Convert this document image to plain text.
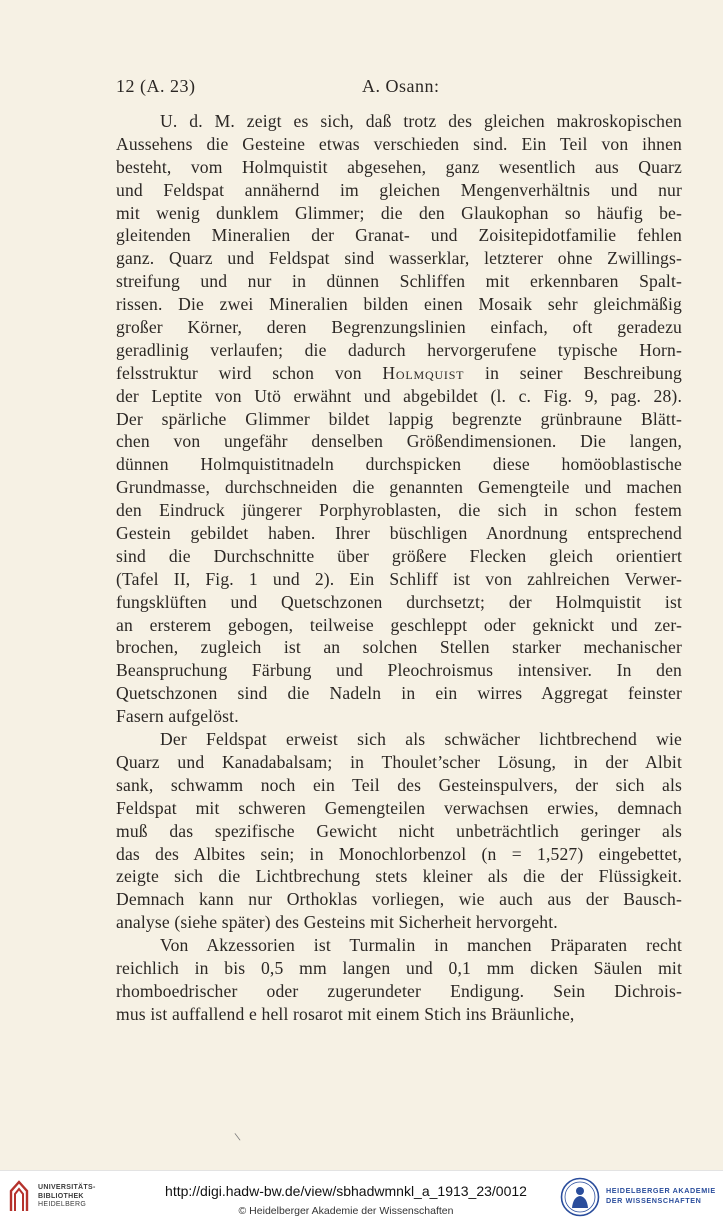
12 (A. 23)	A. Osann:
U. d. M. zeigt es sich, daß trotz des gleichen makroskopischen
Aussehens die Gesteine etwas verschieden sind. Ein Teil von ihnen
besteht, vom Holmquistit abgesehen, ganz wesentlich aus Quarz
und Feldspat annähernd im gleichen Mengenverhältnis und nur
mit wenig dunklem Glimmer; die den Glaukophan so häufig be-
gleitenden Mineralien der Granat- und Zoisitepidotfamilie fehlen
ganz. Quarz und Feldspat sind wasserklar, letzterer ohne Zwillings-
streifung und nur in dünnen Schliffen mit erkennbaren Spalt-
rissen. Die zwei Mineralien bilden einen Mosaik sehr gleichmäßig
großer Körner, deren Begrenzungslinien einfach, oft geradezu
geradlinig verlaufen; die dadurch hervorgerufene typische Horn-
felsstruktur wird schon von Holmquist in seiner Beschreibung
der Leptite von Utö erwähnt und abgebildet (l. c. Fig. 9, pag. 28).
Der spärliche Glimmer bildet lappig begrenzte grünbraune Blätt-
chen von ungefähr denselben Größendimensionen. Die langen,
dünnen Holmquistitnadeln durchspicken diese homöoblastische
Grundmasse, durchschneiden die genannten Gemengteile und machen
den Eindruck jüngerer Porphyroblasten, die sich in schon festem
Gestein gebildet haben. Ihrer büschligen Anordnung entsprechend
sind die Durchschnitte über größere Flecken gleich orientiert
(Tafel II, Fig. 1 und 2). Ein Schliff ist von zahlreichen Verwer-
fungsklüften und Quetschzonen durchsetzt; der Holmquistit ist
an ersterem gebogen, teilweise geschleppt oder geknickt und zer-
brochen, zugleich ist an solchen Stellen starker mechanischer
Beanspruchung Färbung und Pleochroismus intensiver. In den
Quetschzonen sind die Nadeln in ein wirres Aggregat feinster
Fasern aufgelöst.
Der Feldspat erweist sich als schwächer lichtbrechend wie
Quarz und Kanadabalsam; in Thoulet’scher Lösung, in der Albit
sank, schwamm noch ein Teil des Gesteinspulvers, der sich als
Feldspat mit schweren Gemengteilen verwachsen erwies, demnach
muß das spezifische Gewicht nicht unbeträchtlich geringer als
das des Albites sein; in Monochlorbenzol (n = 1,527) eingebettet,
zeigte sich die Lichtbrechung stets kleiner als die der Flüssigkeit.
Demnach kann nur Orthoklas vorliegen, wie auch aus der Bausch-
analyse (siehe später) des Gesteins mit Sicherheit hervorgeht.
Von Akzessorien ist Turmalin in manchen Präparaten recht
reichlich in bis 0,5 mm langen und 0,1 mm dicken Säulen mit
rhomboedrischer oder zugerundeter Endigung. Sein Dichrois-
mus ist auffallend e hell rosarot mit einem Stich ins Bräunliche,
\
UNIVERSITÄTS-
BIBLIOTHEK
HEIDELBERG
http://digi.hadw-bw.de/view/sbhadwmnkl_a_1913_23/0012
© Heidelberger Akademie der Wissenschaften
HEIDELBERGER AKADEMIE
DER WISSENSCHAFTEN
